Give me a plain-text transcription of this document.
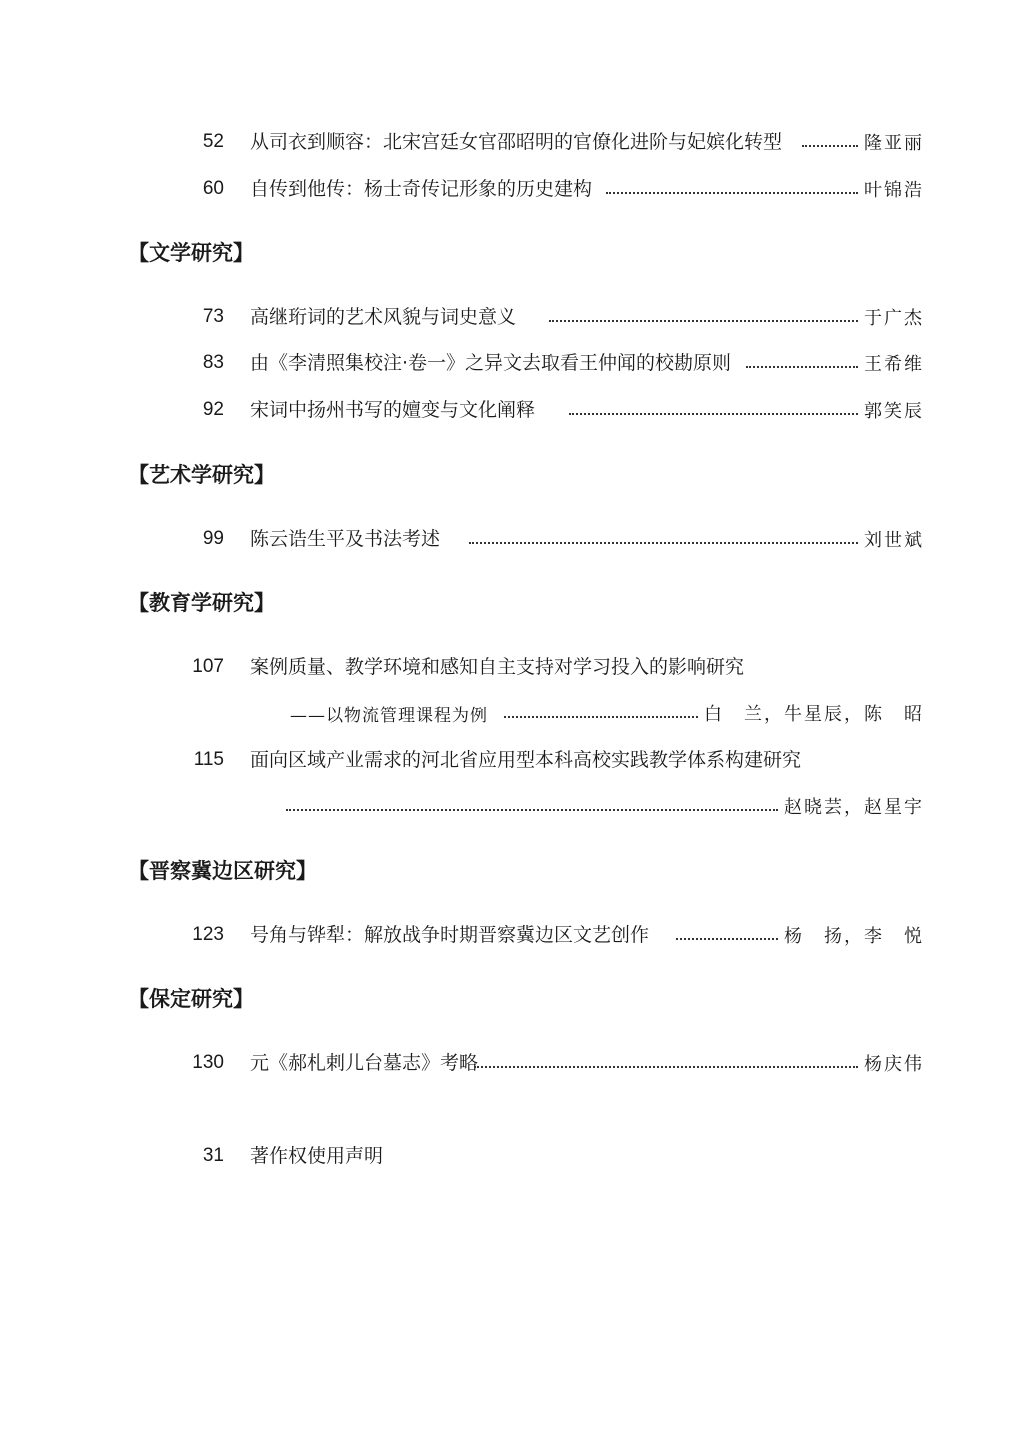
52 从司衣到顺容：北宋宫廷女官邵昭明的官僚化进阶与妃嫔化转型	隆亚丽
60 自传到他传：杨士奇传记形象的历史建构	叶锦浩
【文学研究】
73 高继珩词的艺术风貌与词史意义	于广杰
83 由《李清照集校注·卷一》之异文去取看王仲闻的校勘原则	王希维
92 宋词中扬州书写的嬗变与文化阐释	郭笑辰
【艺术学研究】
99 陈云诰生平及书法考述	刘世斌
【教育学研究】
107 案例质量、教学环境和感知自主支持对学习投入的影响研究
——以物流管理课程为例	白　兰，牛星辰，陈　昭
115 面向区域产业需求的河北省应用型本科高校实践教学体系构建研究
赵晓芸，赵星宇
【晋察冀边区研究】
123 号角与铧犁：解放战争时期晋察冀边区文艺创作	杨　扬，李　悦
【保定研究】
130 元《郝札剌儿台墓志》考略	杨庆伟
31 著作权使用声明
